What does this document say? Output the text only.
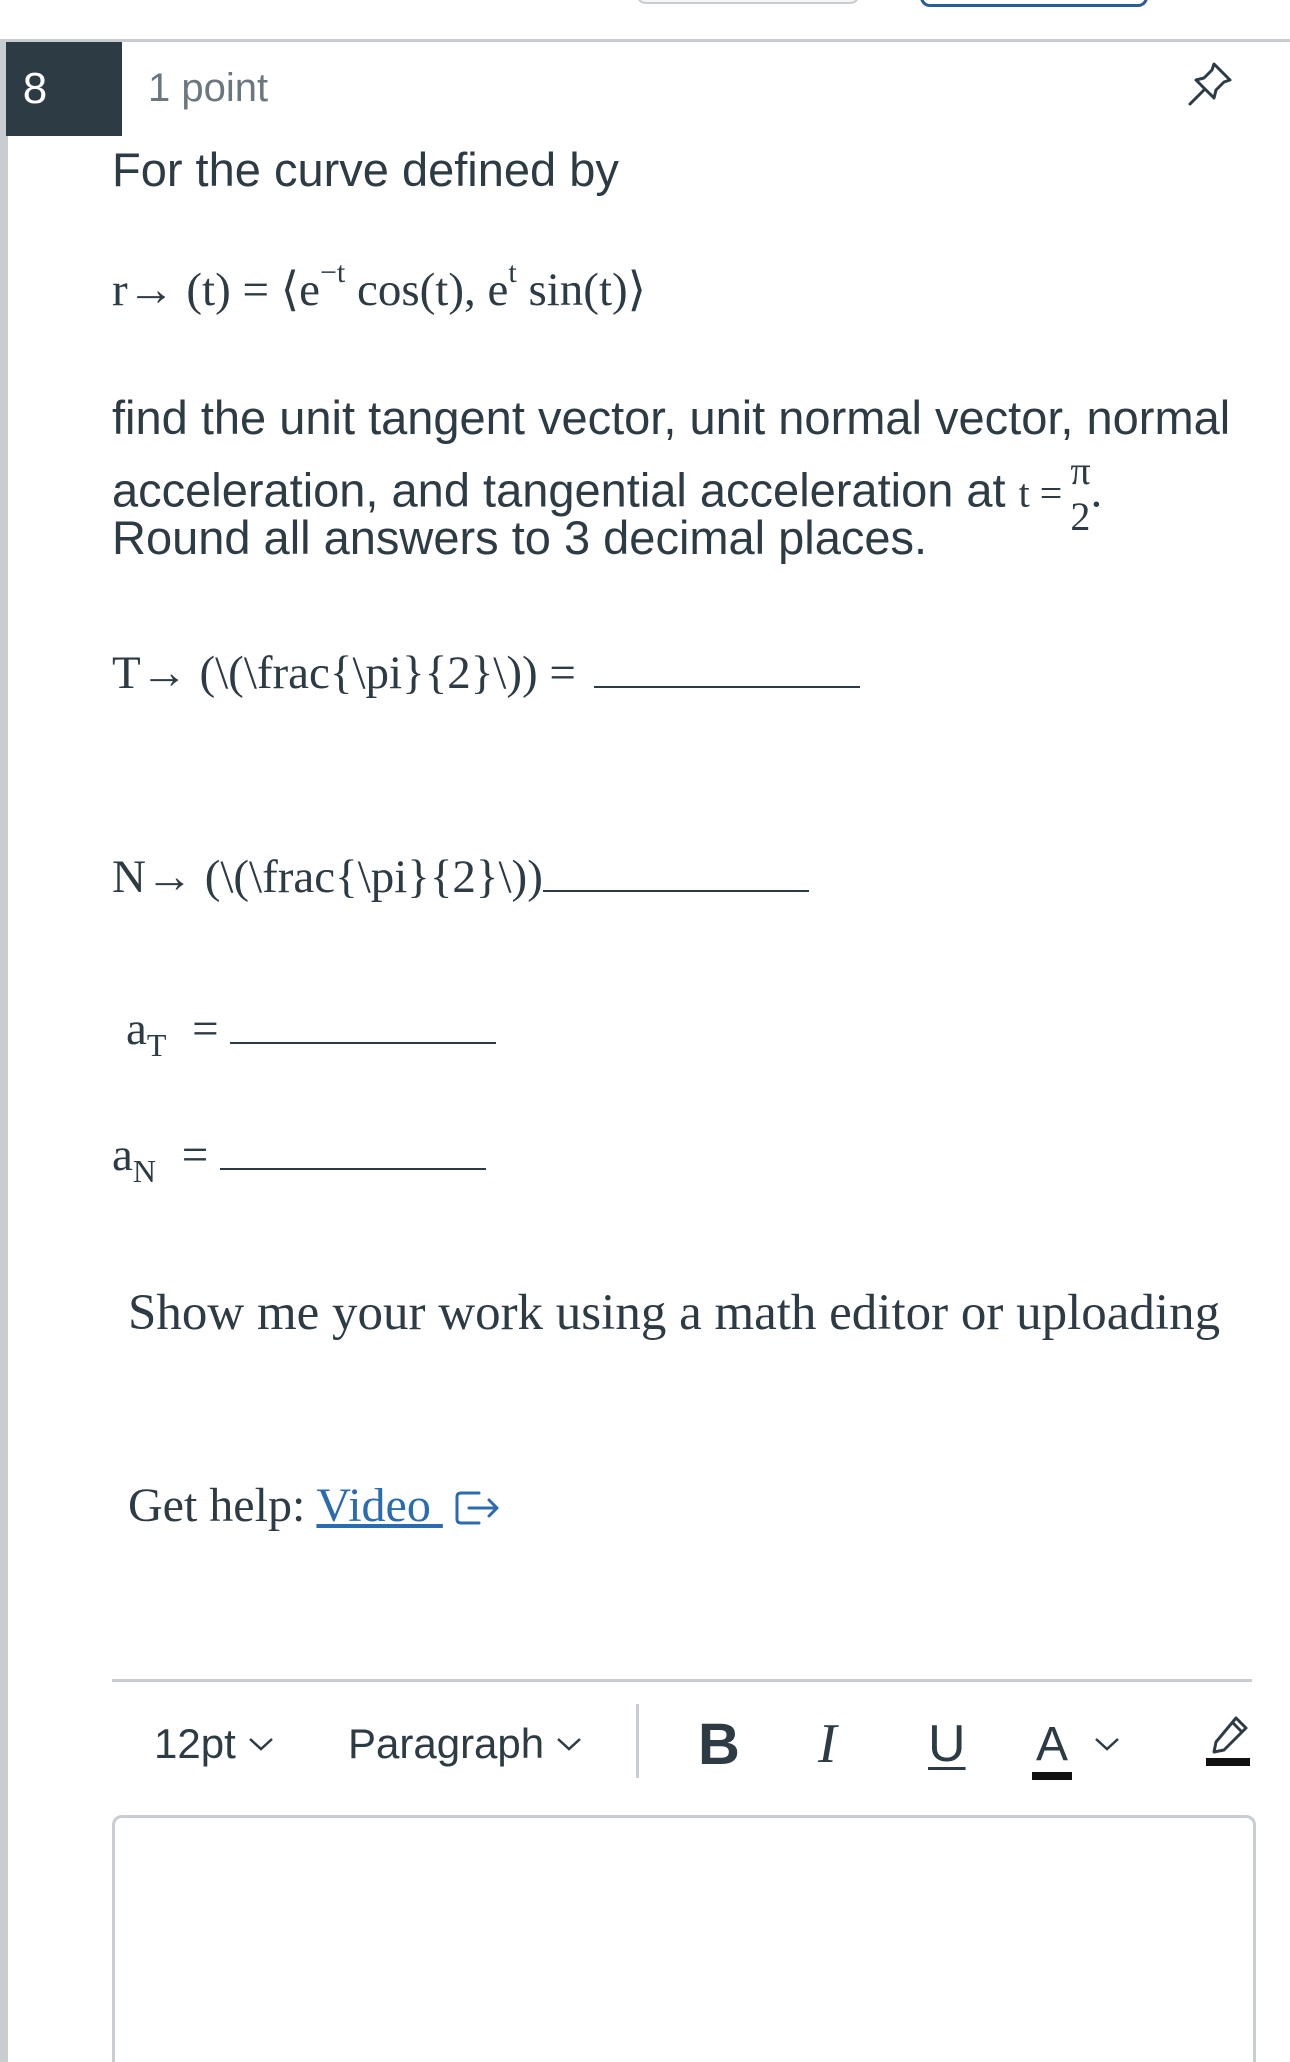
8	1 point
For the curve defined by
$r\to (t) = ⟨e^{-t}$ cos(t), $e^t$ sin(t)⟩
find the unit tangent vector, unit normal vector, normal
acceleration, and tangential acceleration at t = π
2 .
Round all answers to 3 decimal places.
T→ (\(\frac{\pi}{2}\)) =
N→ (\(\frac{\pi}{2}\))
$a_T$ =
$a_N$ =
Show me your work using a math editor or uploading
Get help: Video
12pt	Paragraph	B I U A
